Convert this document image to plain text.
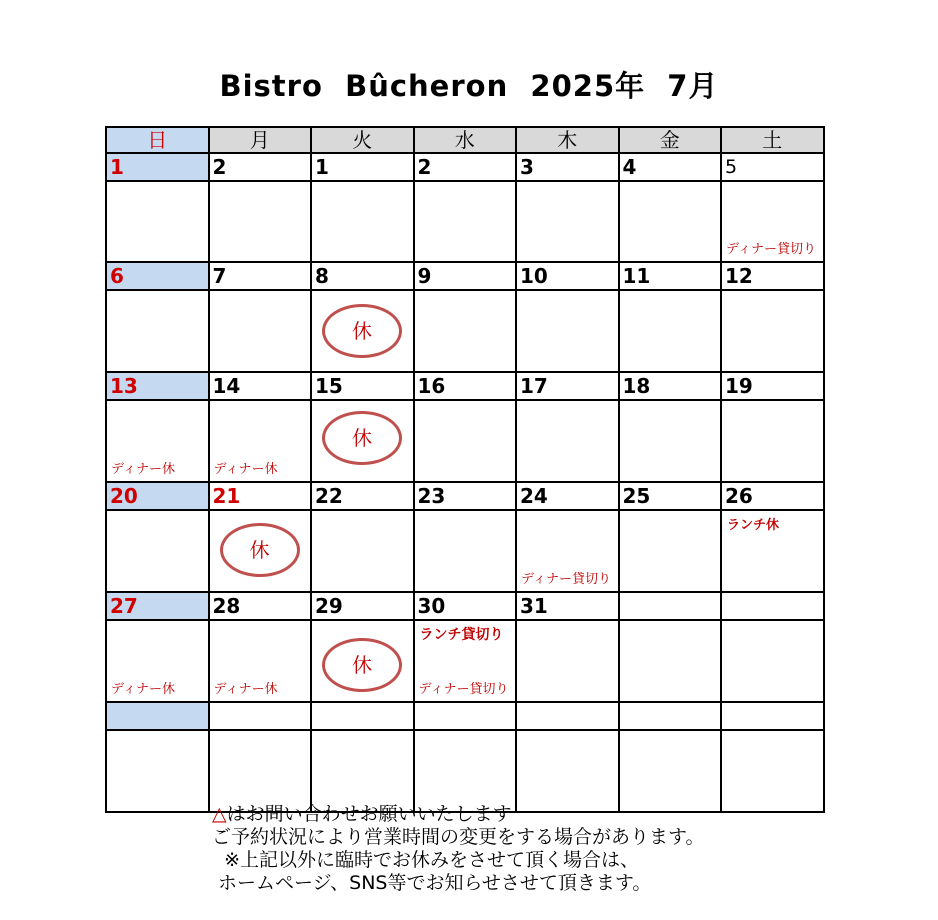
Bistro  Bûcheron  2025年  7月
日	月	火	水	木	金	土
1	2	1	2	3	4	5

						ディナー貸切り

6	7	8	9	10	11	12

		休				

13	14	15	16	17	18	19

ディナー休	ディナー休	休				

20	21	22	23	24	25	26

	休			ディナー貸切り		ランチ休

27	28	29	30	31		

ディナー休	ディナー休	休	ランチ貸切り
ディナー貸切り			

△はお問い合わせお願いいたします
ご予約状況により営業時間の変更をする場合があります。
※上記以外に臨時でお休みをさせて頂く場合は、
ホームページ、SNS等でお知らせさせて頂きます。
